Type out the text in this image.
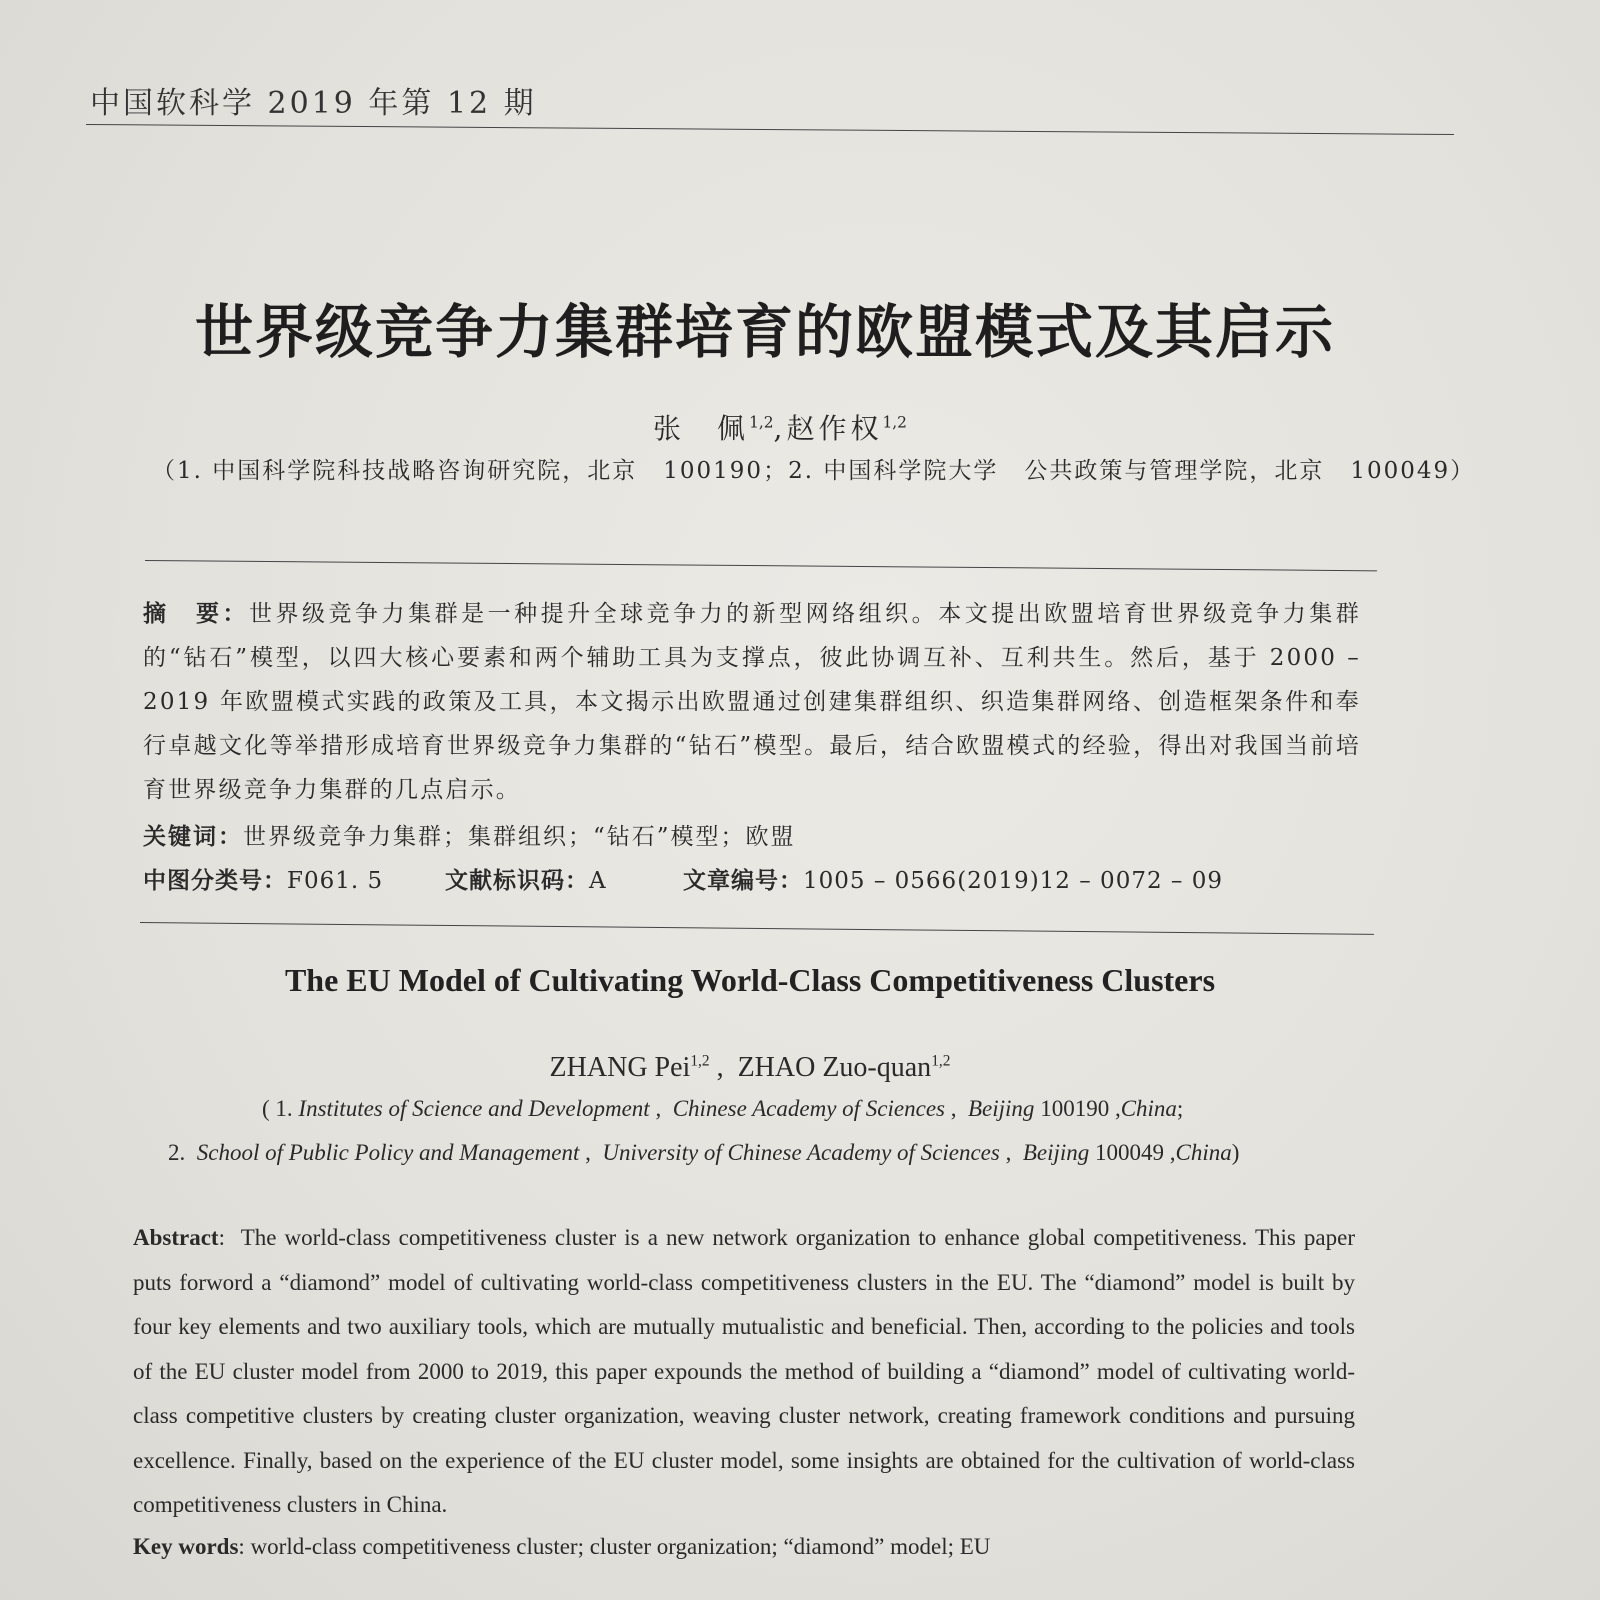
中国软科学 2019 年第 12 期
世界级竞争力集群培育的欧盟模式及其启示
张　佩$^{1,2}$,赵作权$^{1,2}$
（1. 中国科学院科技战略咨询研究院，北京 100190；2. 中国科学院大学 公共政策与管理学院，北京 100049）
摘　要：世界级竞争力集群是一种提升全球竞争力的新型网络组织。本文提出欧盟培育世界级竞争力集群的“钻石”模型，以四大核心要素和两个辅助工具为支撑点，彼此协调互补、互利共生。然后，基于 2000 – 2019 年欧盟模式实践的政策及工具，本文揭示出欧盟通过创建集群组织、织造集群网络、创造框架条件和奉行卓越文化等举措形成培育世界级竞争力集群的“钻石”模型。最后，结合欧盟模式的经验，得出对我国当前培育世界级竞争力集群的几点启示。
关键词：世界级竞争力集群；集群组织；“钻石”模型；欧盟
中图分类号：F061. 5	文献标识码：A	文章编号：1005 – 0566(2019)12 – 0072 – 09
The EU Model of Cultivating World-Class Competitiveness Clusters
ZHANG Pei$^{1,2}$ ,  ZHAO Zuo-quan$^{1,2}$
( 1. Institutes of Science and Development ,  Chinese Academy of Sciences ,  Beijing 100190 ,China;
2.  School of Public Policy and Management ,  University of Chinese Academy of Sciences ,  Beijing 100049 ,China)
Abstract:  The world-class competitiveness cluster is a new network organization to enhance global competitiveness. This paper puts forword a “diamond” model of cultivating world-class competitiveness clusters in the EU. The “diamond” model is built by four key elements and two auxiliary tools, which are mutually mutualistic and beneficial. Then, according to the policies and tools of the EU cluster model from 2000 to 2019, this paper expounds the method of building a “diamond” model of cultivating world-class competitive clusters by creating cluster organization, weaving cluster network, creating framework conditions and pursuing excellence. Finally, based on the experience of the EU cluster model, some insights are obtained for the cultivation of world-class competitiveness clusters in China.
Key words: world-class competitiveness cluster; cluster organization; “diamond” model; EU
